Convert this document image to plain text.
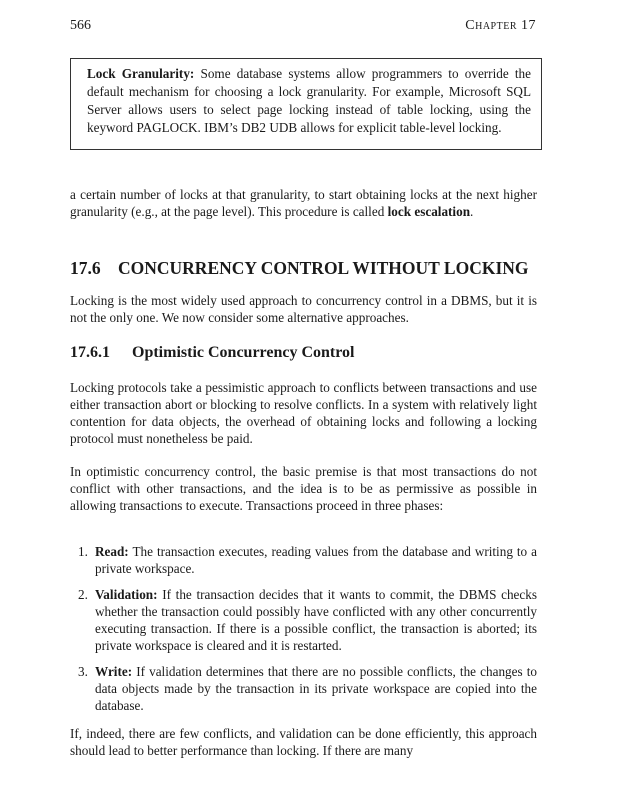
566	Chapter 17
Lock Granularity: Some database systems allow programmers to override the default mechanism for choosing a lock granularity. For example, Microsoft SQL Server allows users to select page locking instead of table locking, using the keyword PAGLOCK. IBM’s DB2 UDB allows for explicit table-level locking.
a certain number of locks at that granularity, to start obtaining locks at the next higher granularity (e.g., at the page level). This procedure is called lock escalation.
17.6 CONCURRENCY CONTROL WITHOUT LOCKING
Locking is the most widely used approach to concurrency control in a DBMS, but it is not the only one. We now consider some alternative approaches.
17.6.1 Optimistic Concurrency Control
Locking protocols take a pessimistic approach to conflicts between transactions and use either transaction abort or blocking to resolve conflicts. In a system with relatively light contention for data objects, the overhead of obtaining locks and following a locking protocol must nonetheless be paid.
In optimistic concurrency control, the basic premise is that most transactions do not conflict with other transactions, and the idea is to be as permissive as possible in allowing transactions to execute. Transactions proceed in three phases:
1. Read: The transaction executes, reading values from the database and writing to a private workspace.
2. Validation: If the transaction decides that it wants to commit, the DBMS checks whether the transaction could possibly have conflicted with any other concurrently executing transaction. If there is a possible conflict, the transaction is aborted; its private workspace is cleared and it is restarted.
3. Write: If validation determines that there are no possible conflicts, the changes to data objects made by the transaction in its private workspace are copied into the database.
If, indeed, there are few conflicts, and validation can be done efficiently, this approach should lead to better performance than locking. If there are many
